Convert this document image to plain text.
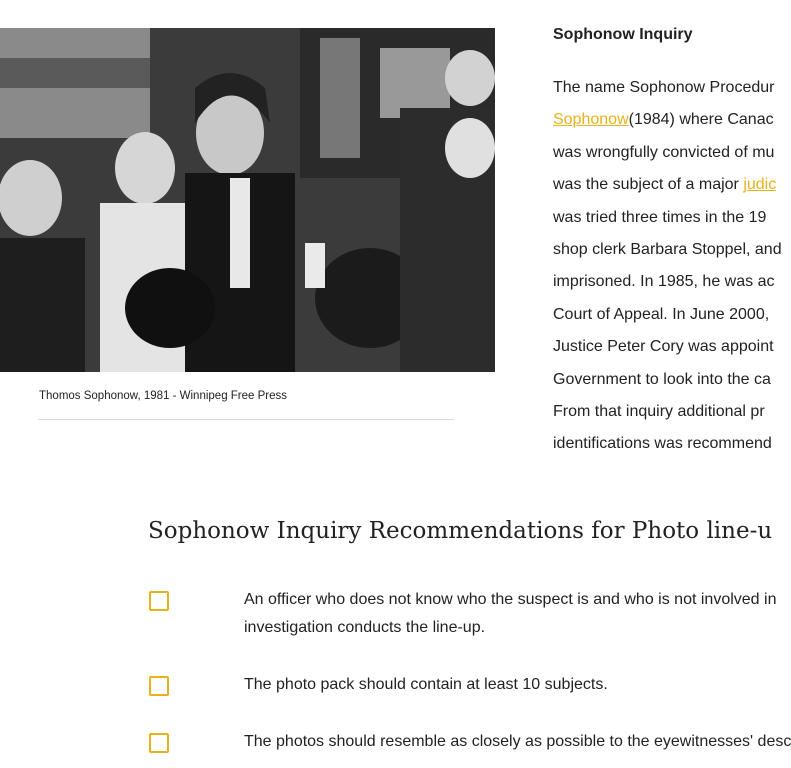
Thomos Sophonow, 1981 - Winnipeg Free Press
Sophonow Inquiry
The name Sophonow Procedur
Sophonow(1984) where Canac
was wrongfully convicted of mu
was the subject of a major judic
was tried three times in the 19
shop clerk Barbara Stoppel, and
imprisoned. In 1985, he was ac
Court of Appeal. In June 2000,
Justice Peter Cory was appoint
Government to look into the ca
From that inquiry additional pr
identifications was recommend
Sophonow Inquiry Recommendations for Photo line-u
An officer who does not know who the suspect is and who is not involved in
investigation conducts the line-up.
The photo pack should contain at least 10 subjects.
The photos should resemble as closely as possible to the eyewitnesses' desc
